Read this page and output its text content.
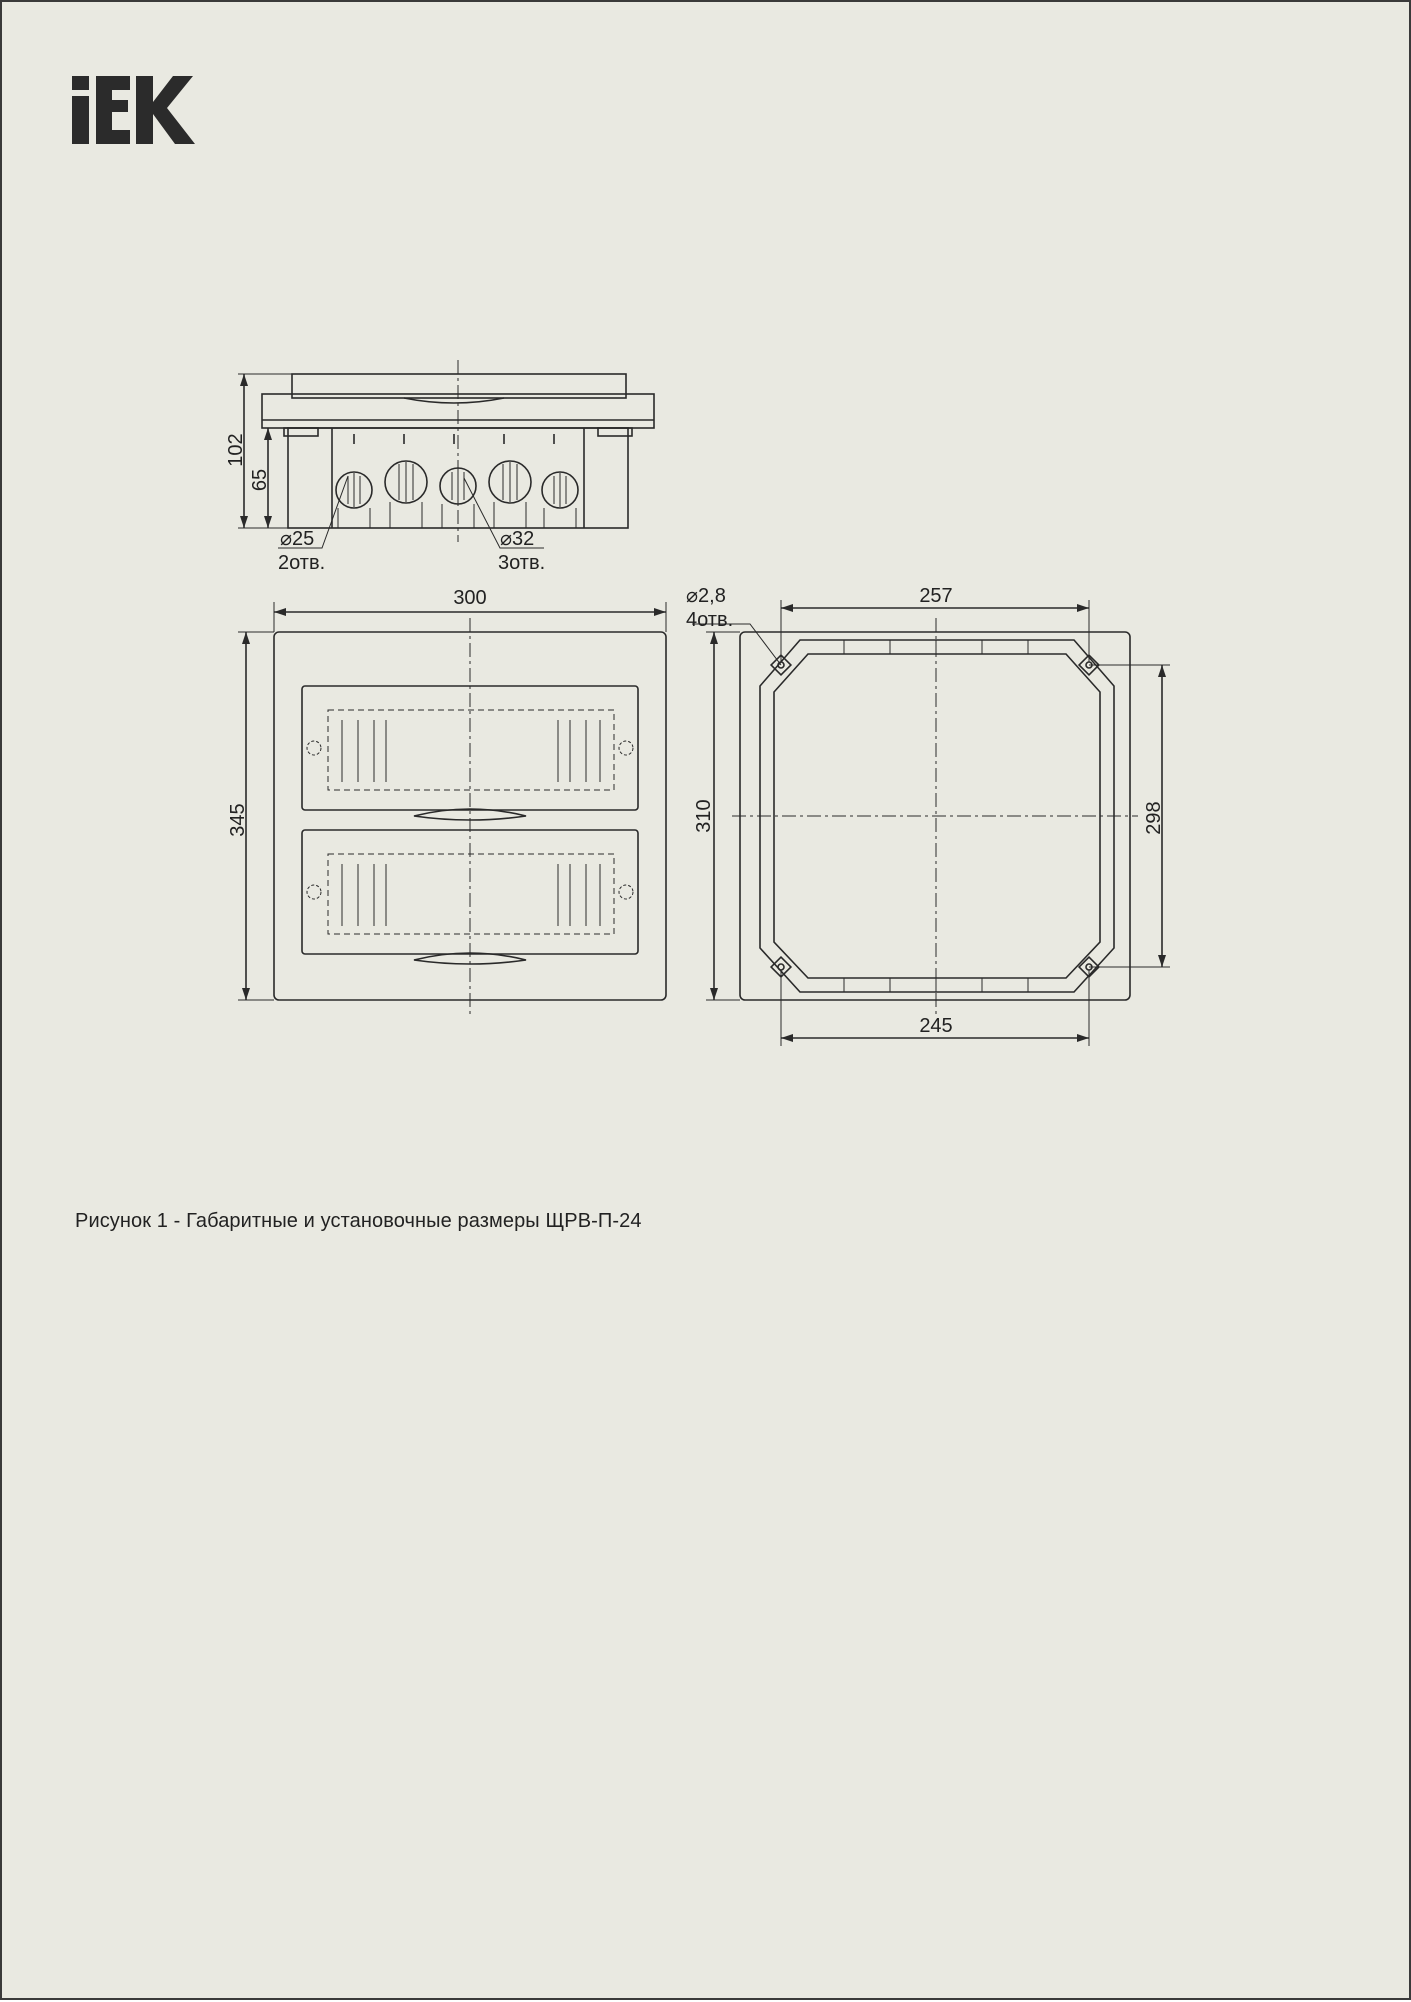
102
65
⌀25
2отв.
⌀32
3отв.
300
345
⌀2,8
4отв.
257
310	298
245
Рисунок 1 - Габаритные и установочные размеры ЩРВ-П-24
